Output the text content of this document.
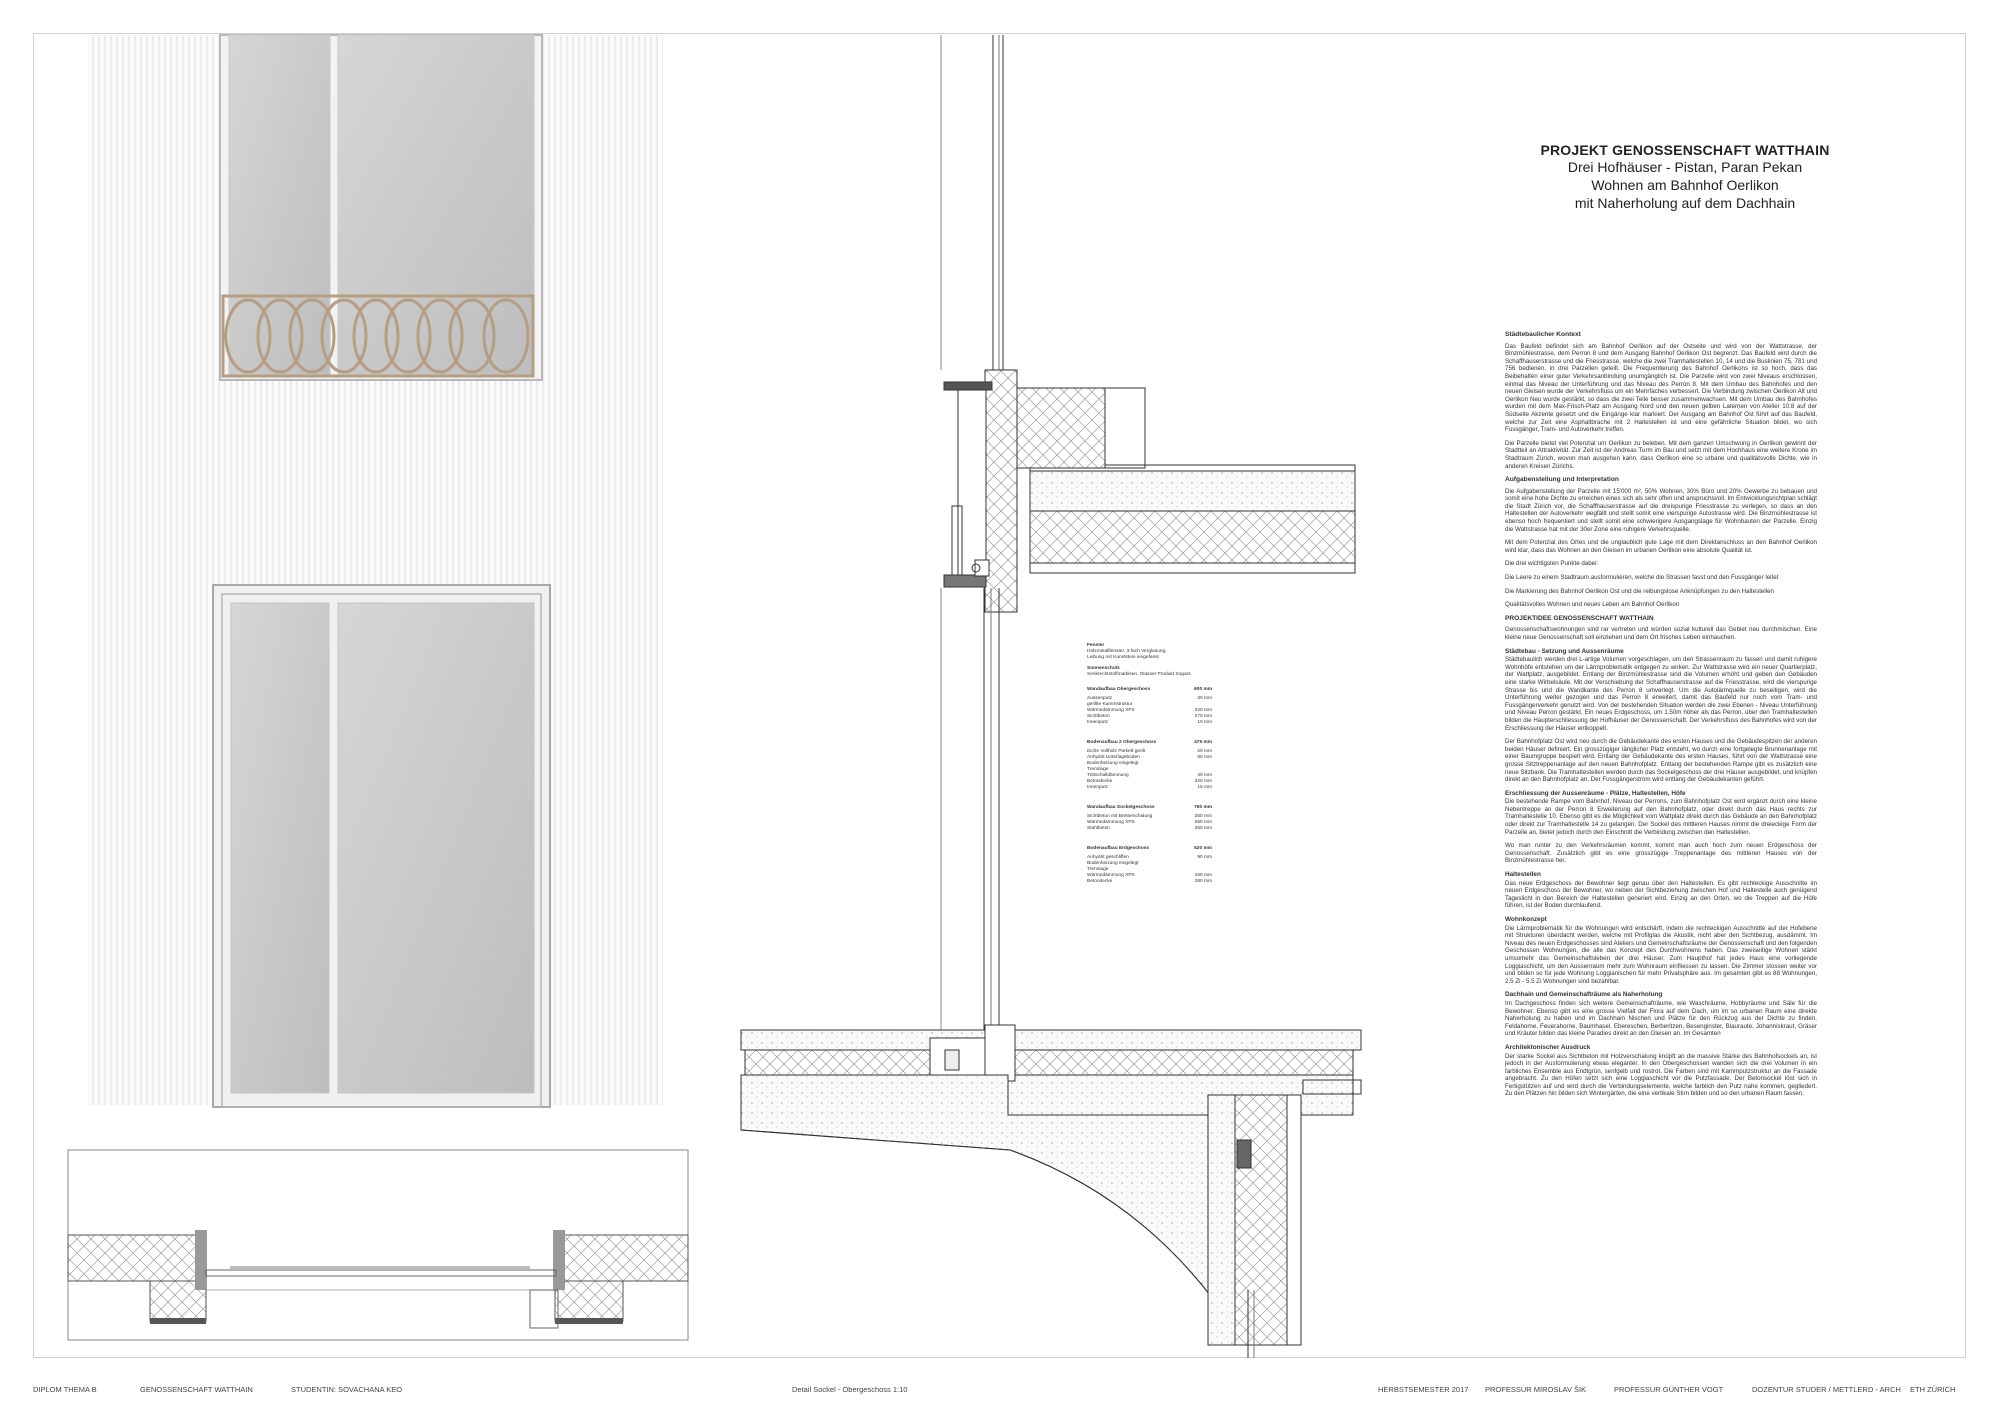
PROJEKT GENOSSENSCHAFT WATTHAIN
Drei Hofhäuser - Pistan, Paran Pekan
Wohnen am Bahnhof Oerlikon
mit Naherholung auf dem Dachhain
Fenster
Holzmetallfenster, 3-fach Verglasung,
Leibung mit Kunststein eingefasst
Sonnenschutz
Senkrechtstoffmarkisen, Glasser Produkt Sogars
Wandaufbau Obergeschoss	600 mm
Aussenputz	30 mm
gerillte Kammstruktur
Wärmedämmung XPS	220 mm
Sichtbeton	270 mm
Innenputz	10 mm
Bodenaufbau 2 Obergeschoss	475 mm
Eiche Vollholz Parkett geölt	20 mm
Anhydrit Unterlagsboden	80 mm
Bodenheizung eingelegt
Trennlage
Trittschalldämmung	40 mm
Betondecke	320 mm
Innenputz	15 mm
Wandaufbau Sockelgeschoss	760 mm
Sichtbeton mit Bretterschalung	250 mm
Wärmedämmung XPS	260 mm
Stahlbeton	250 mm
Bodenaufbau Erdgeschoss	520 mm
Anhydrit geschliffen	90 mm
Bodenheizung eingelegt
Trennlage
Wärmedämmung XPS	150 mm
Betondecke	280 mm
Städtebaulicher Kontext

Das Baufeld befindet sich am Bahnhof Oerlikon auf der Ostseite und wird von der Wattstrasse, der Binzmühlestrasse, dem Perron 8 und dem Ausgang Bahnhof Oerlikon Ost begrenzt. Das Baufeld wird durch die Schaffhauserstrasse und die Friesstrasse, welche die zwei Tramhaltestellen 10, 14 und die Buslinien 75, 781 und 756 bedienen, in drei Parzellen geteilt. Die Frequentierung des Bahnhof Oerlikons ist so hoch, dass das Beibehalten einer guter Verkehrsanbindung unumgänglich ist. Die Parzelle wird von zwei Niveaus erschlossen, einmal das Niveau der Unterführung und das Niveau des Perron 8. Mit dem Umbau des Bahnhofes und den neuen Gleisen wurde der Verkehrsfluss um ein Mehrfaches verbessert. Die Verbindung zwischen Oerlikon Alt und Oerlikon Neu wurde gestärkt, so dass die zwei Teile besser zusammenwachsen. Mit dem Umbau des Bahnhofes wurden mit dem Max-Frisch-Platz am Ausgang Nord und den neuen gelben Laternen von Atelier 10:8 auf der Südseite Akzente gesetzt und die Eingänge klar markiert. Der Ausgang am Bahnhof Ost führt auf das Baufeld, welche zur Zeit eine Asphaltbrache mit 2 Haltestellen ist und eine gefährliche Situation bildet, wo sich Fussgänger, Tram- und Autoverkehr treffen.

Die Parzelle bietet viel Potenzial um Oerlikon zu beleben. Mit dem ganzen Umschwung in Oerlikon gewinnt der Stadtteil an Attraktivität. Zur Zeit ist der Andreas Turm im Bau und setzt mit dem Hochhaus eine weitere Krone im Stadtraum Zürich, wovon man ausgehen kann, dass Oerlikon eine so urbane und qualitätsvolle Dichte, wie in anderen Kreisen Zürichs.

Aufgabenstellung und Interpretation

Die Aufgabenstellung der Parzelle mit 15'000 m², 50% Wohnen, 30% Büro und 20% Gewerbe zu bebauen und somit eine hohe Dichte zu erreichen eines sich als sehr offen und anspruchsvoll. Im Entwicklungsrichtplan schlägt die Stadt Zürich vor, die Schaffhauserstrasse auf die dreispurige Friesstrasse zu verlegen, so dass an den Haltestellen der Autoverkehr wegfällt und stellt somit eine vierspurige Autostrasse wird. Die Binzmühlestrasse ist ebenso hoch frequentiert und stellt somit eine schwierigere Ausgangslage für Wohnbauten der Parzelle. Einzig die Wattstrasse hat mit der 30er Zone eine ruhigere Verkehrsquelle.

Mit dem Potenzial des Ortes und die unglaublich gute Lage mit dem Direktanschluss an den Bahnhof Oerlikon wird klar, dass das Wohnen an den Gleisen im urbanen Oerlikon eine absolute Qualität ist.

Die drei wichtigsten Punkte dabei:

Die Leere zu einem Stadtraum ausformulieren, welche die Strassen fasst und den Fussgänger leitet

Die Markierung des Bahnhof Oerlikon Ost und die reibungslose Anknüpfungen zu den Haltestellen

Qualitätsvolles Wohnen und neues Leben am Bahnhof Oerlikon

PROJEKTIDEE GENOSSENSCHAFT WATTHAIN

Genossenschaftswohnungen sind rar vertreten und würden sozial kulturell das Gebiet neu durchmischen. Eine kleine neue Genossenschaft soll einziehen und dem Ort frisches Leben einhauchen.

Städtebau - Setzung und Aussenräume

Städtebaulich werden drei L-artige Volumen vorgeschlagen, um den Strassenraum zu fassen und damit ruhigere Wohnhöfe entstehen um der Lärmproblematik entgegen zu wirken. Zur Wattstrasse wird ein neuer Quartierplatz, der Wattplatz, ausgebildet. Entlang der Binzmühlestrasse sind die Volumen erhöht und geben den Gebäuden eine starke Wirbelsäule. Mit der Verschiebung der Schaffhauserstrasse auf die Friesstrasse, wird die vierspurige Strasse bis und die Wandkante des Perron 8 umverlegt. Um die Autolärmquelle zu beseitigen, wird die Unterführung weiter gezogen und das Perron 8 erweitert, damit das Baufeld nur noch vom Tram- und Fussgängerverkehr genutzt wird. Von der bestehenden Situation werden die zwei Ebenen - Niveau Unterführung und Niveau Perron gestärkt. Ein neues Erdgeschoss, um 1.50m höher als das Perron, über den Tramhaltestellen bilden die Haupterschliessung der Hofhäuser der Genossenschaft. Der Verkehrsfluss des Bahnhofes wird von der Erschliessung der Häuser entkoppelt.

Der Bahnhofplatz Ost wird neu durch die Gebäudekante des ersten Hauses und die Gebäudespitzen der anderen beiden Häuser definiert. Ein grosszügiger länglicher Platz entsteht, wo durch eine fortgelegte Brunnenanlage mit einer Baumgruppe bespielt wird. Entlang der Gebäudekante des ersten Hauses, führt von der Wattstrasse eine grosse Sitztreppenanlage auf den neuen Bahnhofplatz. Entlang der bestehenden Rampe gibt es zusätzlich eine neue Sitzbank. Die Tramhaltestellen werden durch das Sockelgeschoss der drei Häuser ausgebildet, und knüpfen direkt an den Bahnhofplatz an. Der Fussgängerstrom wird entlang der Gebäudekanten geführt.

Erschliessung der Aussenräume - Plätze, Haltestellen, Höfe

Die bestehende Rampe vom Bahnhof, Niveau der Perrons, zum Bahnhofplatz Ost wird ergänzt durch eine kleine Nebentreppe an der Perron 8 Erweiterung auf den Bahnhofplatz, oder direkt durch das Haus rechts zur Tramhaltestelle 10. Ebenso gibt es die Möglichkeit vom Wattplatz direkt durch das Gebäude an den Bahnhofplatz oder direkt zur Tramhaltestelle 14 zu gelangen. Der Sockel des mittleren Hauses nimmt die dreieckige Form der Parzelle an, bietet jedoch durch den Einschnitt die Verbindung zwischen den Haltestellen.

Wo man runter zu den Verkehrsräumen kommt, kommt man auch hoch zum neuen Erdgeschoss der Genossenschaft. Zusätzlich gibt es eine grosszügige Treppenanlage des mittleren Hauses von der Binzmühlestrasse her.

Haltestellen

Das neue Erdgeschoss der Bewohner liegt genau über den Haltestellen. Es gibt rechteckige Ausschnitte im neuen Erdgeschoss der Bewohner, wo neben der Sichtbeziehung zwischen Hof und Haltestelle auch genügend Tageslicht in den Bereich der Haltestellen generiert wird. Einzig an den Orten, wo die Treppen auf die Höfe führen, ist der Boden durchlaufend.

Wohnkonzept

Die Lärmproblematik für die Wohnungen wird entschärft, indem die rechteckigen Ausschnitte auf der Hofebene mit Strukturen überdacht werden, welche mit Profilglas die Akustik, nicht aber den Sichtbezug, ausdämmt. Im Niveau des neuen Erdgeschosses sind Ateliers und Gemeinschaftsräume der Genossenschaft und den folgenden Geschossen Wohnungen, die alle das Konzept des Durchwohnens haben. Das zweiseitige Wohnen stärkt umsomehr das Gemeinschaftsleben der drei Häuser. Zum Haupthof hat jedes Haus eine vorliegende Loggiaschicht, um den Aussenraum mehr zum Wohnraum einfliessen zu lassen. Die Zimmer stossen weiter vor und bilden so für jede Wohnung Loggianischen für mehr Privatsphäre aus. Im gesamten gibt es 88 Wohnungen, 2.5 Zi - 5.5 Zi Wohnungen sind bezahlbar.

Dachhain und Gemeinschafträume als Naherholung

Im Dachgeschoss finden sich weitere Gemeinschafträume, wie Waschräume, Hobbyräume und Säle für die Bewohner. Ebenso gibt es eine grosse Vielfalt der Flora auf dem Dach, um im so urbanen Raum eine direkte Naherholung zu haben und im Dachhain Nischen und Plätze für den Rückzug aus der Dichte zu finden. Feldahorne, Feuerahorne, Baumhasel, Ebereschen, Berberitzen, Besenginster, Blauraute, Johanniskraut, Gräser und Kräuter bilden das kleine Paradies direkt an den Gleisen an. Im Gesamten

Architektonischer Ausdruck

Der starke Sockel aus Sichtbeton mit Holzverschalung knüpft an die massive Stärke des Bahnhofsockels an, ist jedoch in der Ausformulierung etwas eleganter. In den Obergeschossen wanden sich die drei Volumen in ein farbliches Ensemble aus Endtgrün, senfgelb und rostrot. Die Farben sind mit Kammputzstruktur an die Fassade angebracht. Zu den Höfen setzt sich eine Loggiaschicht vor die Putzfassade. Der Betonsockel löst sich in Fertigstützen auf und wird durch die Verbindungselemente, welche farblich den Putz nahe kommen, gegliedert. Zu den Plätzen hin bilden sich Wintergärten, die eine vertikale Stirn bilden und so den urbanen Raum fassen.

DIPLOM THEMA B	GENOSSENSCHAFT WATTHAIN	STUDENTIN: SOVACHANA KEO	Detail Sockel - Obergeschoss 1:10	HERBSTSEMESTER 2017 PROFESSUR MIROSLAV ŠIK	PROFESSUR GÜNTHER VOGT	DOZENTUR STUDER / METTLER D - ARCH ETH ZÜRICH
